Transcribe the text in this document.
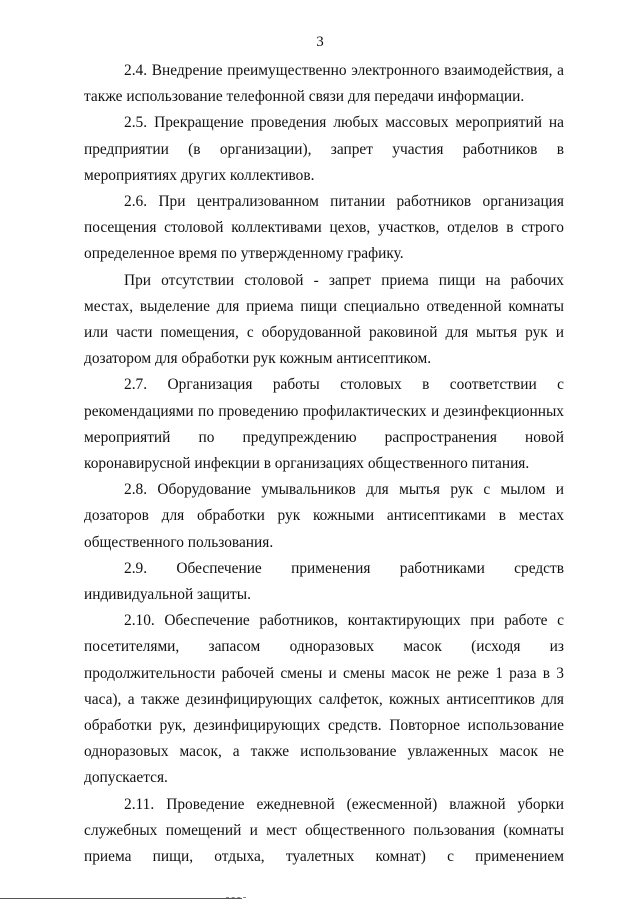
3

2.4. Внедрение преимущественно электронного взаимодействия, а также использование телефонной связи для передачи информации.

2.5. Прекращение проведения любых массовых мероприятий на предприятии (в организации), запрет участия работников в мероприятиях других коллективов.

2.6. При централизованном питании работников организация посещения столовой коллективами цехов, участков, отделов в строго определенное время по утвержденному графику.

При отсутствии столовой - запрет приема пищи на рабочих местах, выделение для приема пищи специально отведенной комнаты или части помещения, с оборудованной раковиной для мытья рук и дозатором для обработки рук кожным антисептиком.

2.7. Организация работы столовых в соответствии с рекомендациями по проведению профилактических и дезинфекционных мероприятий по предупреждению распространения новой коронавирусной инфекции в организациях общественного питания.

2.8. Оборудование умывальников для мытья рук с мылом и дозаторов для обработки рук кожными антисептиками в местах общественного пользования.

2.9. Обеспечение применения работниками средств индивидуальной защиты.

2.10. Обеспечение работников, контактирующих при работе с посетителями, запасом одноразовых масок (исходя из продолжительности рабочей смены и смены масок не реже 1 раза в 3 часа), а также дезинфицирующих салфеток, кожных антисептиков для обработки рук, дезинфицирующих средств. Повторное использование одноразовых масок, а также использование увлаженных масок не допускается.

2.11. Проведение ежедневной (ежесменной) влажной уборки служебных помещений и мест общественного пользования (комнаты приема пищи, отдыха, туалетных комнат) с применением
